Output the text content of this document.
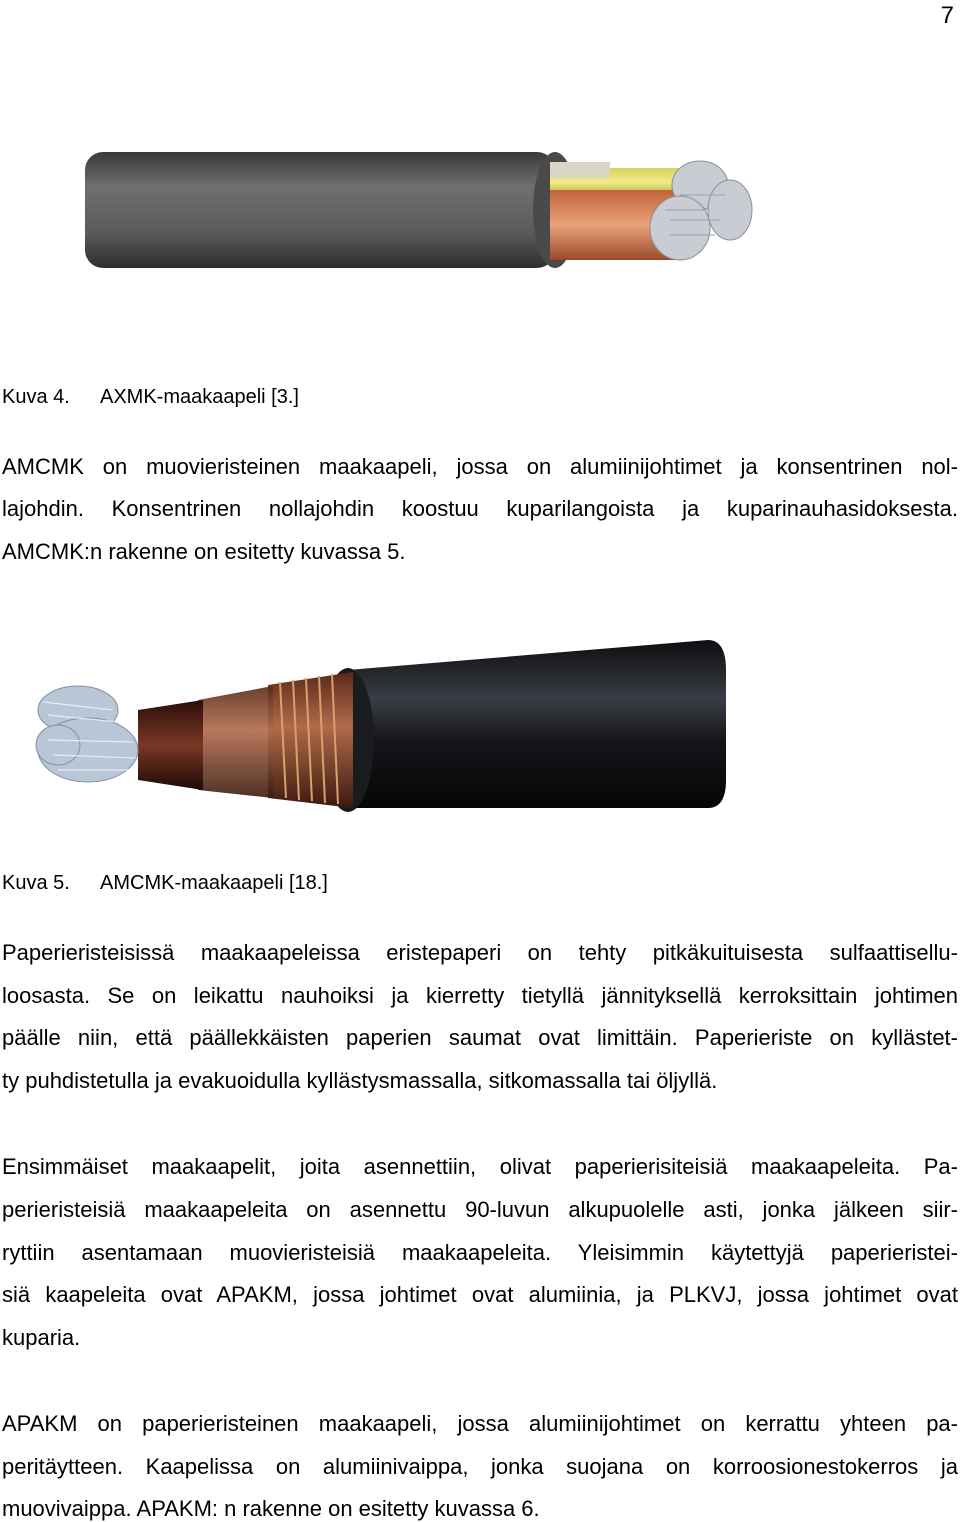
7
Kuva 4. AXMK-maakaapeli [3.]
AMCMK on muovieristeinen maakaapeli, jossa on alumiinijohtimet ja konsentrinen nol-
lajohdin. Konsentrinen nollajohdin koostuu kuparilangoista ja kuparinauhasidoksesta.
AMCMK:n rakenne on esitetty kuvassa 5.
Kuva 5. AMCMK-maakaapeli [18.]
Paperieristeisissä maakaapeleissa eristepaperi on tehty pitkäkuituisesta sulfaattisellu-
loosasta. Se on leikattu nauhoiksi ja kierretty tietyllä jännityksellä kerroksittain johtimen
päälle niin, että päällekkäisten paperien saumat ovat limittäin. Paperieriste on kyllästet-
ty puhdistetulla ja evakuoidulla kyllästysmassalla, sitkomassalla tai öljyllä.
Ensimmäiset maakaapelit, joita asennettiin, olivat paperierisiteisiä maakaapeleita. Pa-
perieristeisiä maakaapeleita on asennettu 90-luvun alkupuolelle asti, jonka jälkeen siir-
ryttiin asentamaan muovieristeisiä maakaapeleita. Yleisimmin käytettyjä paperieristei-
siä kaapeleita ovat APAKM, jossa johtimet ovat alumiinia, ja PLKVJ, jossa johtimet ovat
kuparia.
APAKM on paperieristeinen maakaapeli, jossa alumiinijohtimet on kerrattu yhteen pa-
peritäytteen. Kaapelissa on alumiinivaippa, jonka suojana on korroosionestokerros ja
muovivaippa. APAKM: n rakenne on esitetty kuvassa 6.
